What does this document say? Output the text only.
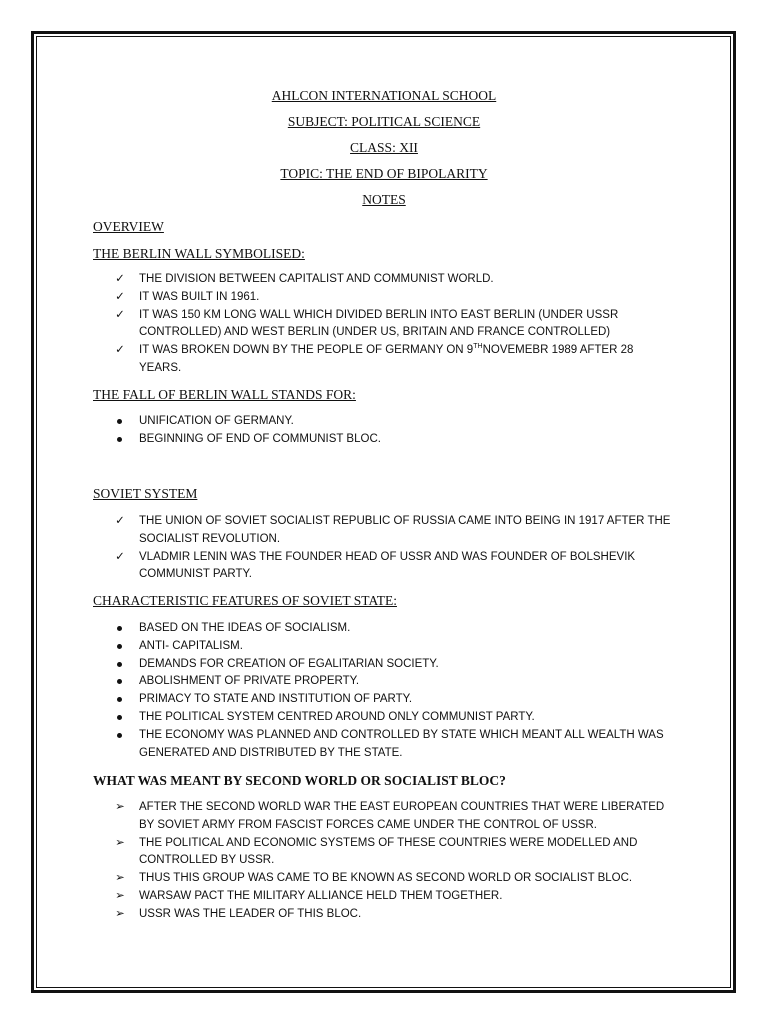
AHLCON INTERNATIONAL SCHOOL
SUBJECT: POLITICAL SCIENCE
CLASS: XII
TOPIC: THE END OF BIPOLARITY
NOTES
OVERVIEW
THE BERLIN WALL SYMBOLISED:
✓ THE DIVISION BETWEEN CAPITALIST AND COMMUNIST WORLD.
✓ IT WAS BUILT IN 1961.
✓ IT WAS 150 KM LONG WALL WHICH DIVIDED BERLIN INTO EAST BERLIN (UNDER USSR CONTROLLED) AND WEST BERLIN (UNDER US, BRITAIN AND FRANCE CONTROLLED)
✓ IT WAS BROKEN DOWN BY THE PEOPLE OF GERMANY ON 9THNOVEMEBR 1989 AFTER 28 YEARS.
THE FALL OF BERLIN WALL STANDS FOR:
UNIFICATION OF GERMANY.
BEGINNING OF END OF COMMUNIST BLOC.
SOVIET SYSTEM
✓ THE UNION OF SOVIET SOCIALIST REPUBLIC OF RUSSIA CAME INTO BEING IN 1917 AFTER THE SOCIALIST REVOLUTION.
✓ VLADMIR LENIN WAS THE FOUNDER HEAD OF USSR AND WAS FOUNDER OF BOLSHEVIK COMMUNIST PARTY.
CHARACTERISTIC FEATURES OF SOVIET STATE:
BASED ON THE IDEAS OF SOCIALISM.
ANTI- CAPITALISM.
DEMANDS FOR CREATION OF EGALITARIAN SOCIETY.
ABOLISHMENT OF PRIVATE PROPERTY.
PRIMACY TO STATE AND INSTITUTION OF PARTY.
THE POLITICAL SYSTEM CENTRED AROUND ONLY COMMUNIST PARTY.
THE ECONOMY WAS PLANNED AND CONTROLLED BY STATE WHICH MEANT ALL WEALTH WAS GENERATED AND DISTRIBUTED BY THE STATE.
WHAT WAS MEANT BY SECOND WORLD OR SOCIALIST BLOC?
➢ AFTER THE SECOND WORLD WAR THE EAST EUROPEAN COUNTRIES THAT WERE LIBERATED BY SOVIET ARMY FROM FASCIST FORCES CAME UNDER THE CONTROL OF USSR.
➢ THE POLITICAL AND ECONOMIC SYSTEMS OF THESE COUNTRIES WERE MODELLED AND CONTROLLED BY USSR.
➢ THUS THIS GROUP WAS CAME TO BE KNOWN AS SECOND WORLD OR SOCIALIST BLOC.
➢ WARSAW PACT THE MILITARY ALLIANCE HELD THEM TOGETHER.
➢ USSR WAS THE LEADER OF THIS BLOC.
